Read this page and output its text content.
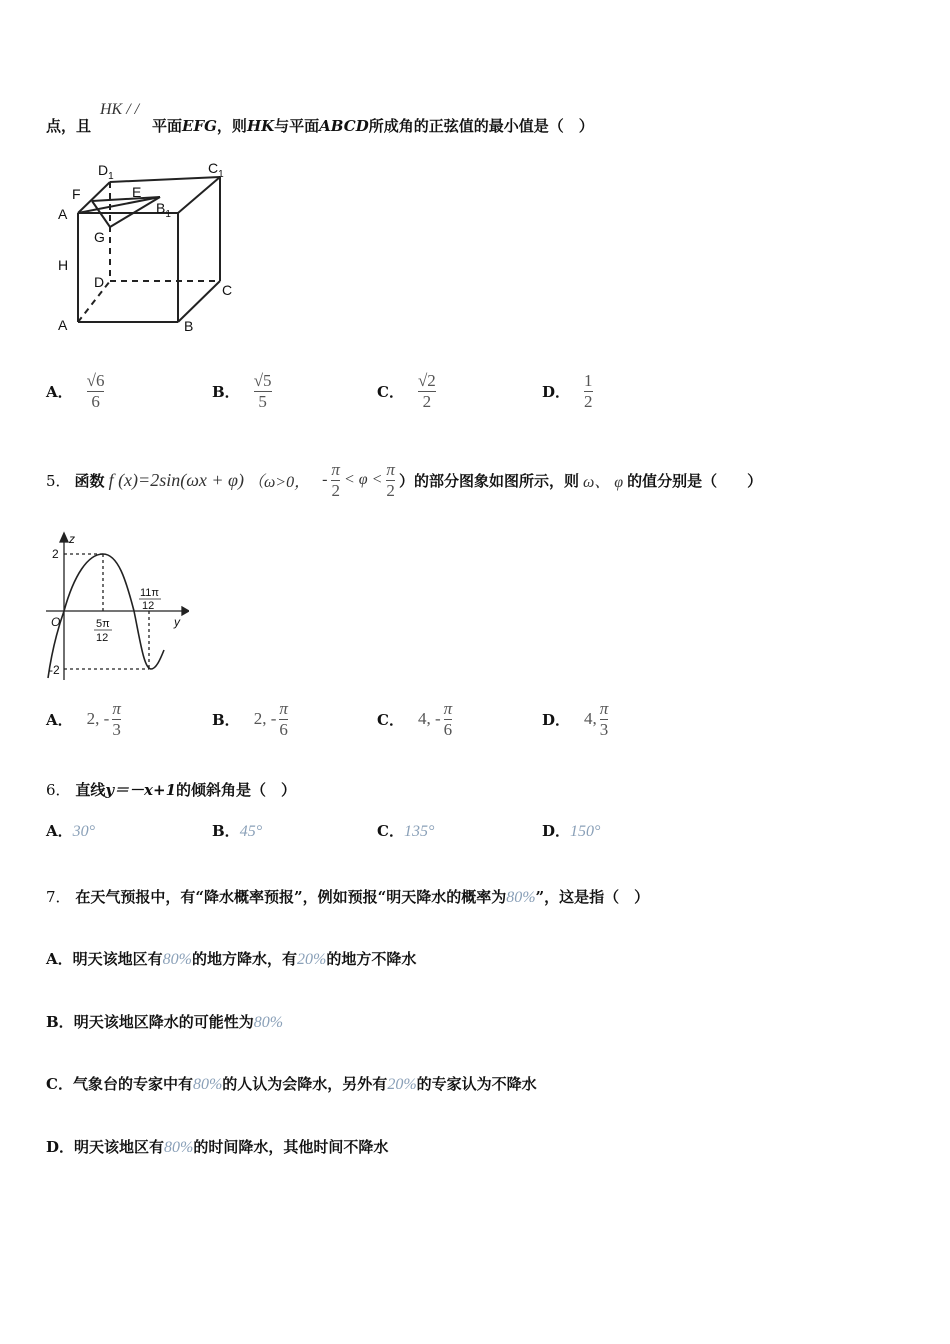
点，且
HK / /
平面EFG，则HK与平面ABCD所成角的正弦值的最小值是（　）
$D_1$
$C_1$
F	E
A	$B_1$
G
H
D	C
A	B
A． $\frac{√6}{6}$	B． $\frac{√5}{5}$	C． $\frac{√2}{2}$	D． $\frac{1}{2}$
5． 函数 f (x)=2sin(ωx + φ) （ω>0， - $\frac{\pi}{2} < \varphi < \frac{\pi}{2}$ ）的部分图象如图所示，则 ω、 φ 的值分别是（　　）
z
y
O
2
-2
5π
12
11π
12
A． 2, - $\frac{\pi}{3}$	B． 2, - $\frac{\pi}{6}$	C． 4, - $\frac{\pi}{6}$	D． 4, $\frac{\pi}{3}$
6． 直线y＝－x+1的倾斜角是（　）
A．30°	B．45°	C．135°	D．150°
7． 在天气预报中，有“降水概率预报”，例如预报“明天降水的概率为80%”，这是指（　）
A．明天该地区有80%的地方降水，有20%的地方不降水
B．明天该地区降水的可能性为80%
C．气象台的专家中有80%的人认为会降水，另外有20%的专家认为不降水
D．明天该地区有80%的时间降水，其他时间不降水
